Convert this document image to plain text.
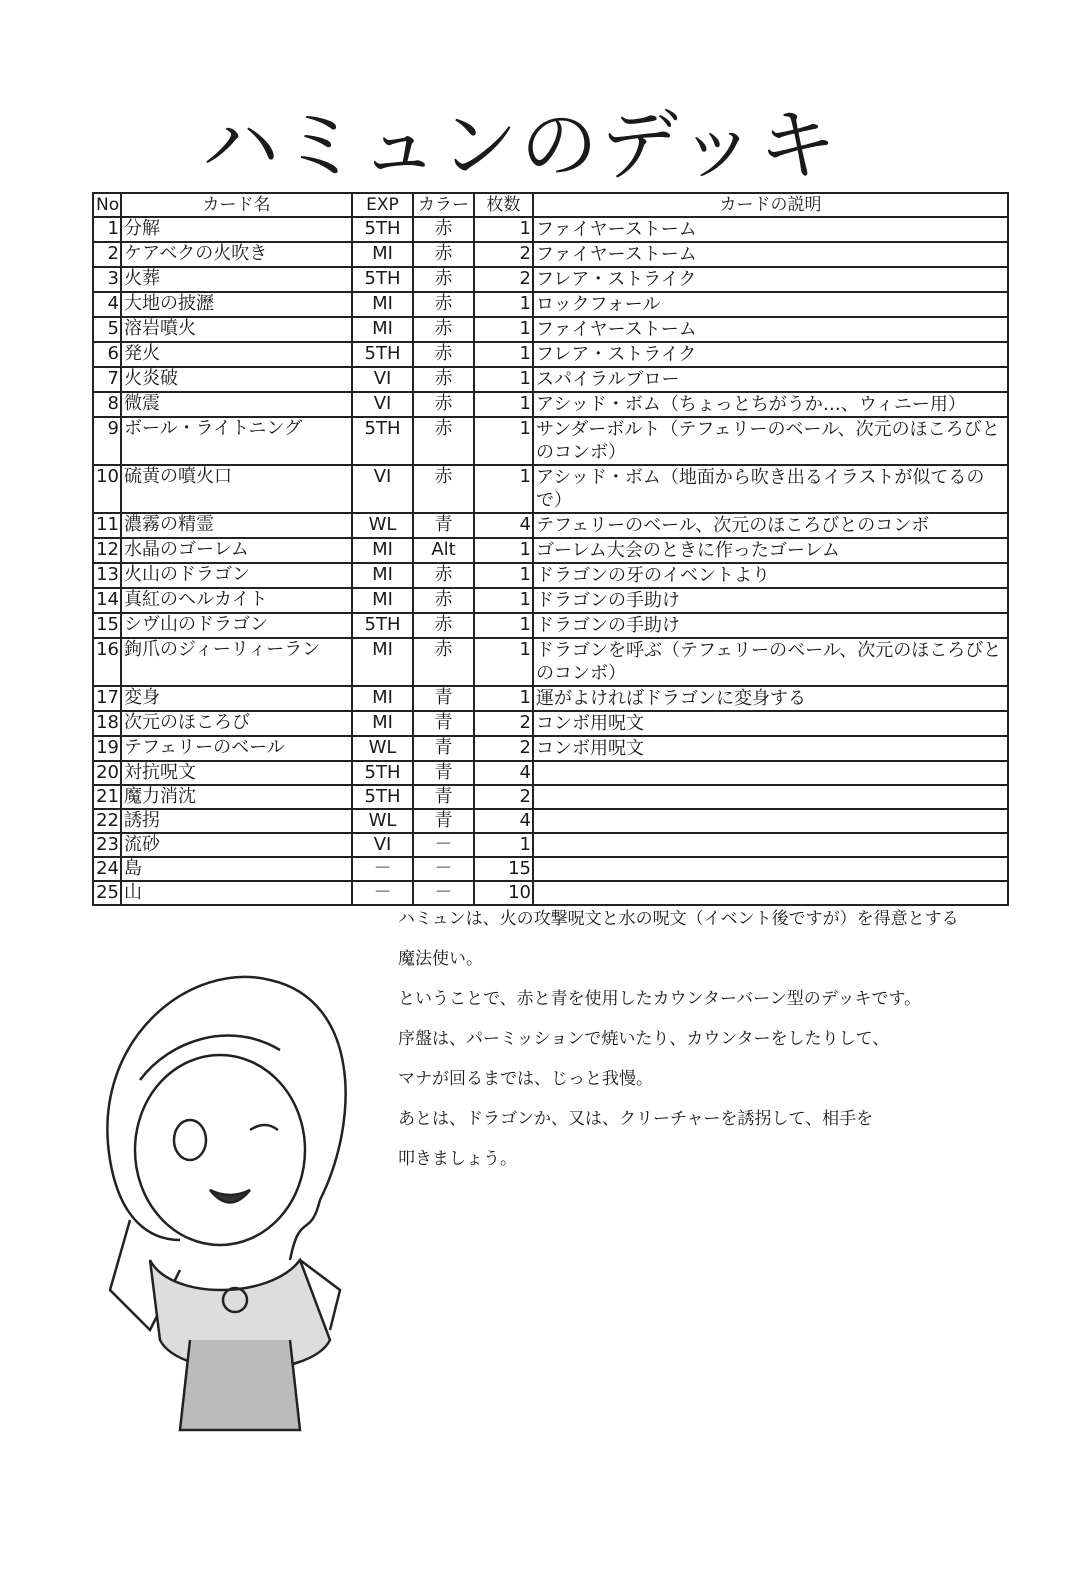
ハミュンのデッキ
No	カード名	EXP	カラー	枚数	カードの説明
1	分解	5TH	赤	1	ファイヤーストーム
2	ケアベクの火吹き	MI	赤	2	ファイヤーストーム
3	火葬	5TH	赤	2	フレア・ストライク
4	大地の披瀝	MI	赤	1	ロックフォール
5	溶岩噴火	MI	赤	1	ファイヤーストーム
6	発火	5TH	赤	1	フレア・ストライク
7	火炎破	VI	赤	1	スパイラルブロー
8	微震	VI	赤	1	アシッド・ボム（ちょっとちがうか…、ウィニー用）
9	ボール・ライトニング	5TH	赤	1	サンダーボルト（テフェリーのベール、次元のほころびとのコンボ）
10	硫黄の噴火口	VI	赤	1	アシッド・ボム（地面から吹き出るイラストが似てるので）
11	濃霧の精霊	WL	青	4	テフェリーのベール、次元のほころびとのコンボ
12	水晶のゴーレム	MI	Alt	1	ゴーレム大会のときに作ったゴーレム
13	火山のドラゴン	MI	赤	1	ドラゴンの牙のイベントより
14	真紅のヘルカイト	MI	赤	1	ドラゴンの手助け
15	シヴ山のドラゴン	5TH	赤	1	ドラゴンの手助け
16	鉤爪のジィーリィーラン	MI	赤	1	ドラゴンを呼ぶ（テフェリーのベール、次元のほころびとのコンボ）
17	変身	MI	青	1	運がよければドラゴンに変身する
18	次元のほころび	MI	青	2	コンボ用呪文
19	テフェリーのベール	WL	青	2	コンボ用呪文
20	対抗呪文	5TH	青	4	
21	魔力消沈	5TH	青	2	
22	誘拐	WL	青	4	
23	流砂	VI	－	1	
24	島	－	－	15	
25	山	－	－	10	
ハミュンは、火の攻撃呪文と水の呪文（イベント後ですが）を得意とする
魔法使い。
ということで、赤と青を使用したカウンターバーン型のデッキです。
序盤は、パーミッションで焼いたり、カウンターをしたりして、
マナが回るまでは、じっと我慢。
あとは、ドラゴンか、又は、クリーチャーを誘拐して、相手を
叩きましょう。
